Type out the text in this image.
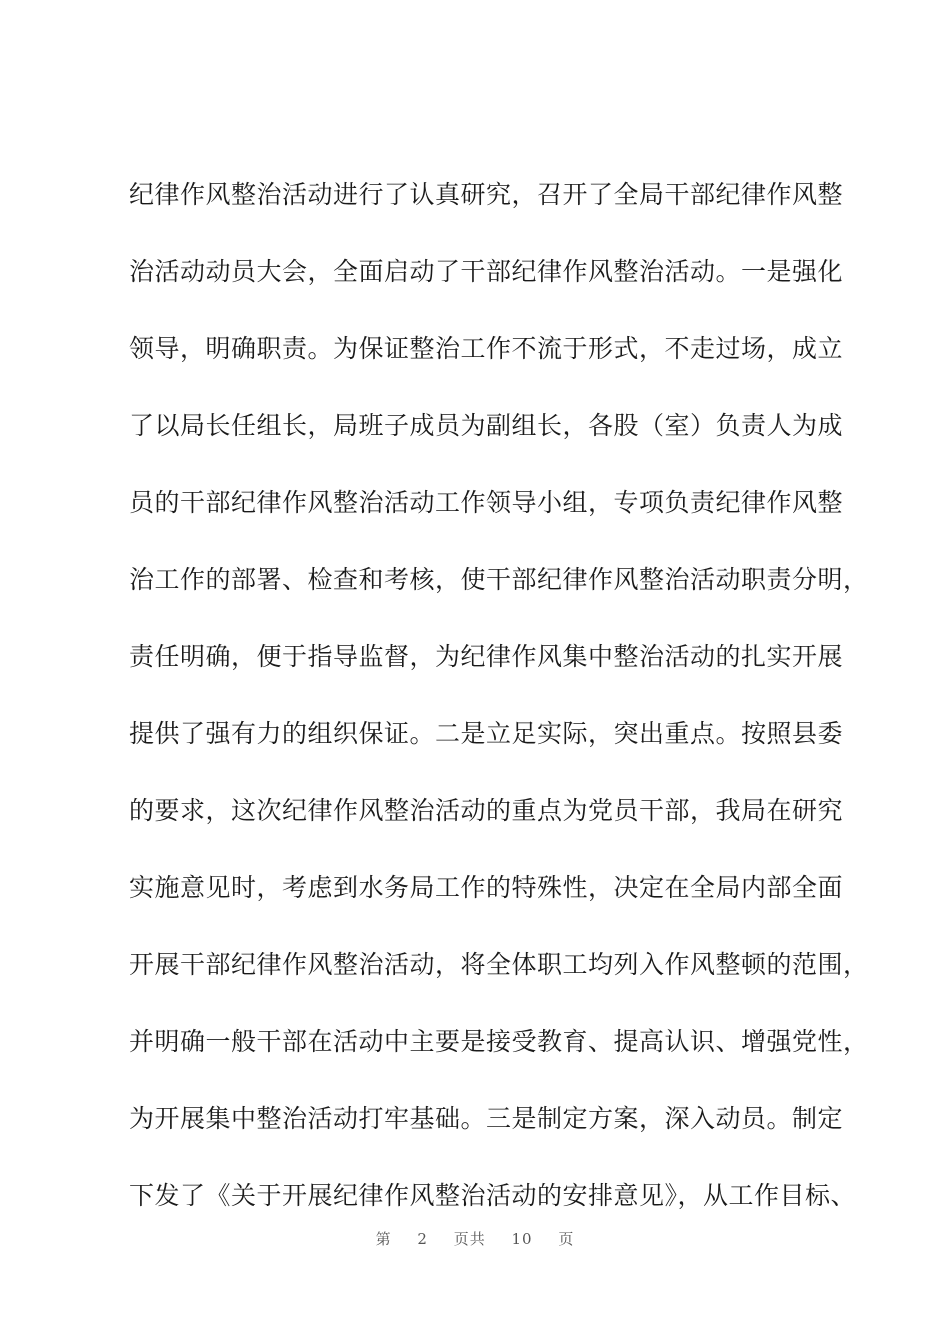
纪律作风整治活动进行了认真研究，召开了全局干部纪律作风整
治活动动员大会，全面启动了干部纪律作风整治活动。一是强化
领导，明确职责。为保证整治工作不流于形式，不走过场，成立
了以局长任组长，局班子成员为副组长，各股（室）负责人为成
员的干部纪律作风整治活动工作领导小组，专项负责纪律作风整
治工作的部署、检查和考核，使干部纪律作风整治活动职责分明，
责任明确，便于指导监督，为纪律作风集中整治活动的扎实开展
提供了强有力的组织保证。二是立足实际，突出重点。按照县委
的要求，这次纪律作风整治活动的重点为党员干部，我局在研究
实施意见时，考虑到水务局工作的特殊性，决定在全局内部全面
开展干部纪律作风整治活动，将全体职工均列入作风整顿的范围，
并明确一般干部在活动中主要是接受教育、提高认识、增强党性，
为开展集中整治活动打牢基础。三是制定方案，深入动员。制定
下发了《关于开展纪律作风整治活动的安排意见》，从工作目标、
第 2 页共 10 页
